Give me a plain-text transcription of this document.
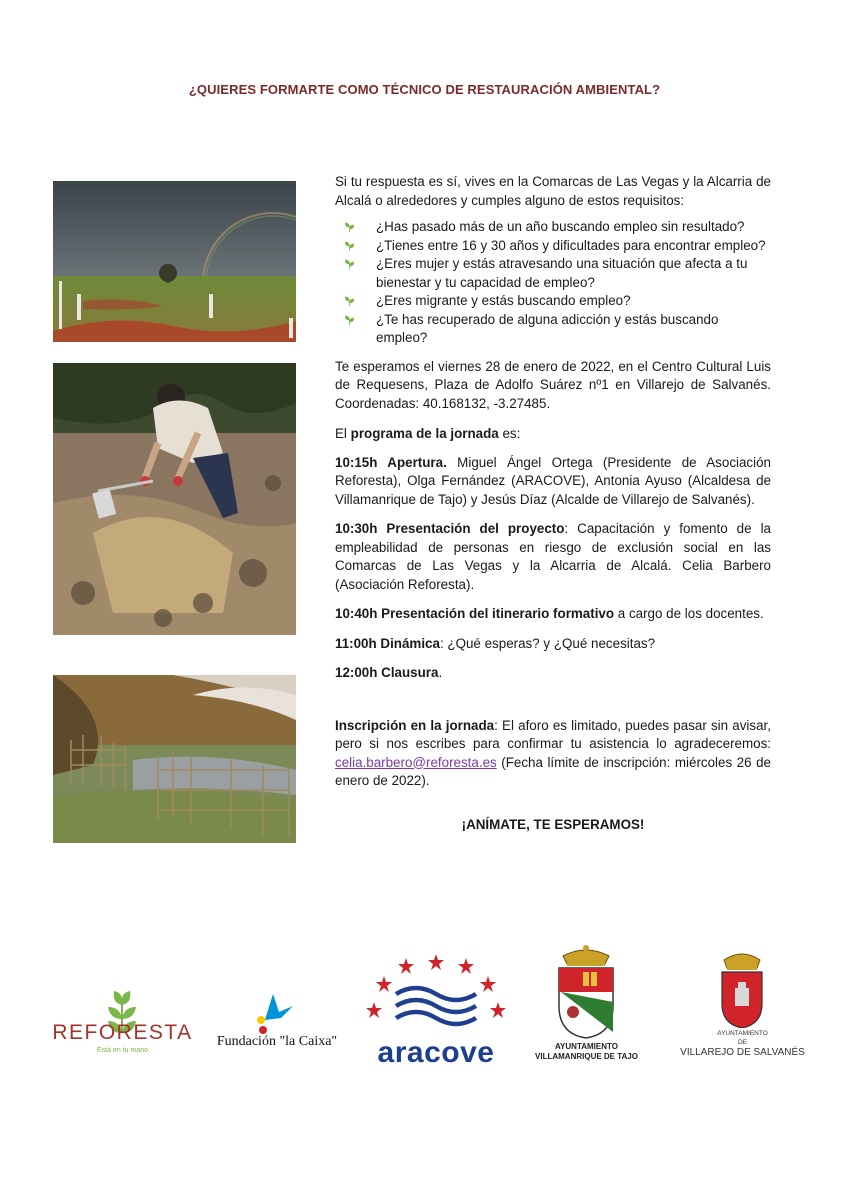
¿QUIERES FORMARTE COMO TÉCNICO DE RESTAURACIÓN AMBIENTAL?

Si tu respuesta es sí, vives en la Comarcas de Las Vegas y la Alcarria de Alcalá o alrededores y cumples alguno de estos requisitos:

¿Has pasado más de un año buscando empleo sin resultado?
¿Tienes entre 16 y 30 años y dificultades para encontrar empleo?
¿Eres mujer y estás atravesando una situación que afecta a tu bienestar y tu capacidad de empleo?
¿Eres migrante y estás buscando empleo?
¿Te has recuperado de alguna adicción y estás buscando empleo?

Te esperamos el viernes 28 de enero de 2022, en el Centro Cultural Luis de Requesens, Plaza de Adolfo Suárez nº1 en Villarejo de Salvanés. Coordenadas: 40.168132, -3.27485.

El programa de la jornada es:

10:15h Apertura. Miguel Ángel Ortega (Presidente de Asociación Reforesta), Olga Fernández (ARACOVE), Antonia Ayuso (Alcaldesa de Villamanrique de Tajo) y Jesús Díaz (Alcalde de Villarejo de Salvanés).

10:30h Presentación del proyecto: Capacitación y fomento de la empleabilidad de personas en riesgo de exclusión social en las Comarcas de Las Vegas y la Alcarria de Alcalá. Celia Barbero (Asociación Reforesta).

10:40h Presentación del itinerario formativo a cargo de los docentes.

11:00h Dinámica: ¿Qué esperas? y ¿Qué necesitas?

12:00h Clausura.

Inscripción en la jornada: El aforo es limitado, puedes pasar sin avisar, pero si nos escribes para confirmar tu asistencia lo agradeceremos: celia.barbero@reforesta.es (Fecha límite de inscripción: miércoles 26 de enero de 2022).

¡ANÍMATE, TE ESPERAMOS!
REFORESTA
Está en tu mano
Fundación "la Caixa"	aracove	AYUNTAMIENTO
VILLAMANRIQUE DE TAJO
AYUNTAMIENTO
DE
VILLAREJO DE SALVANÉS
